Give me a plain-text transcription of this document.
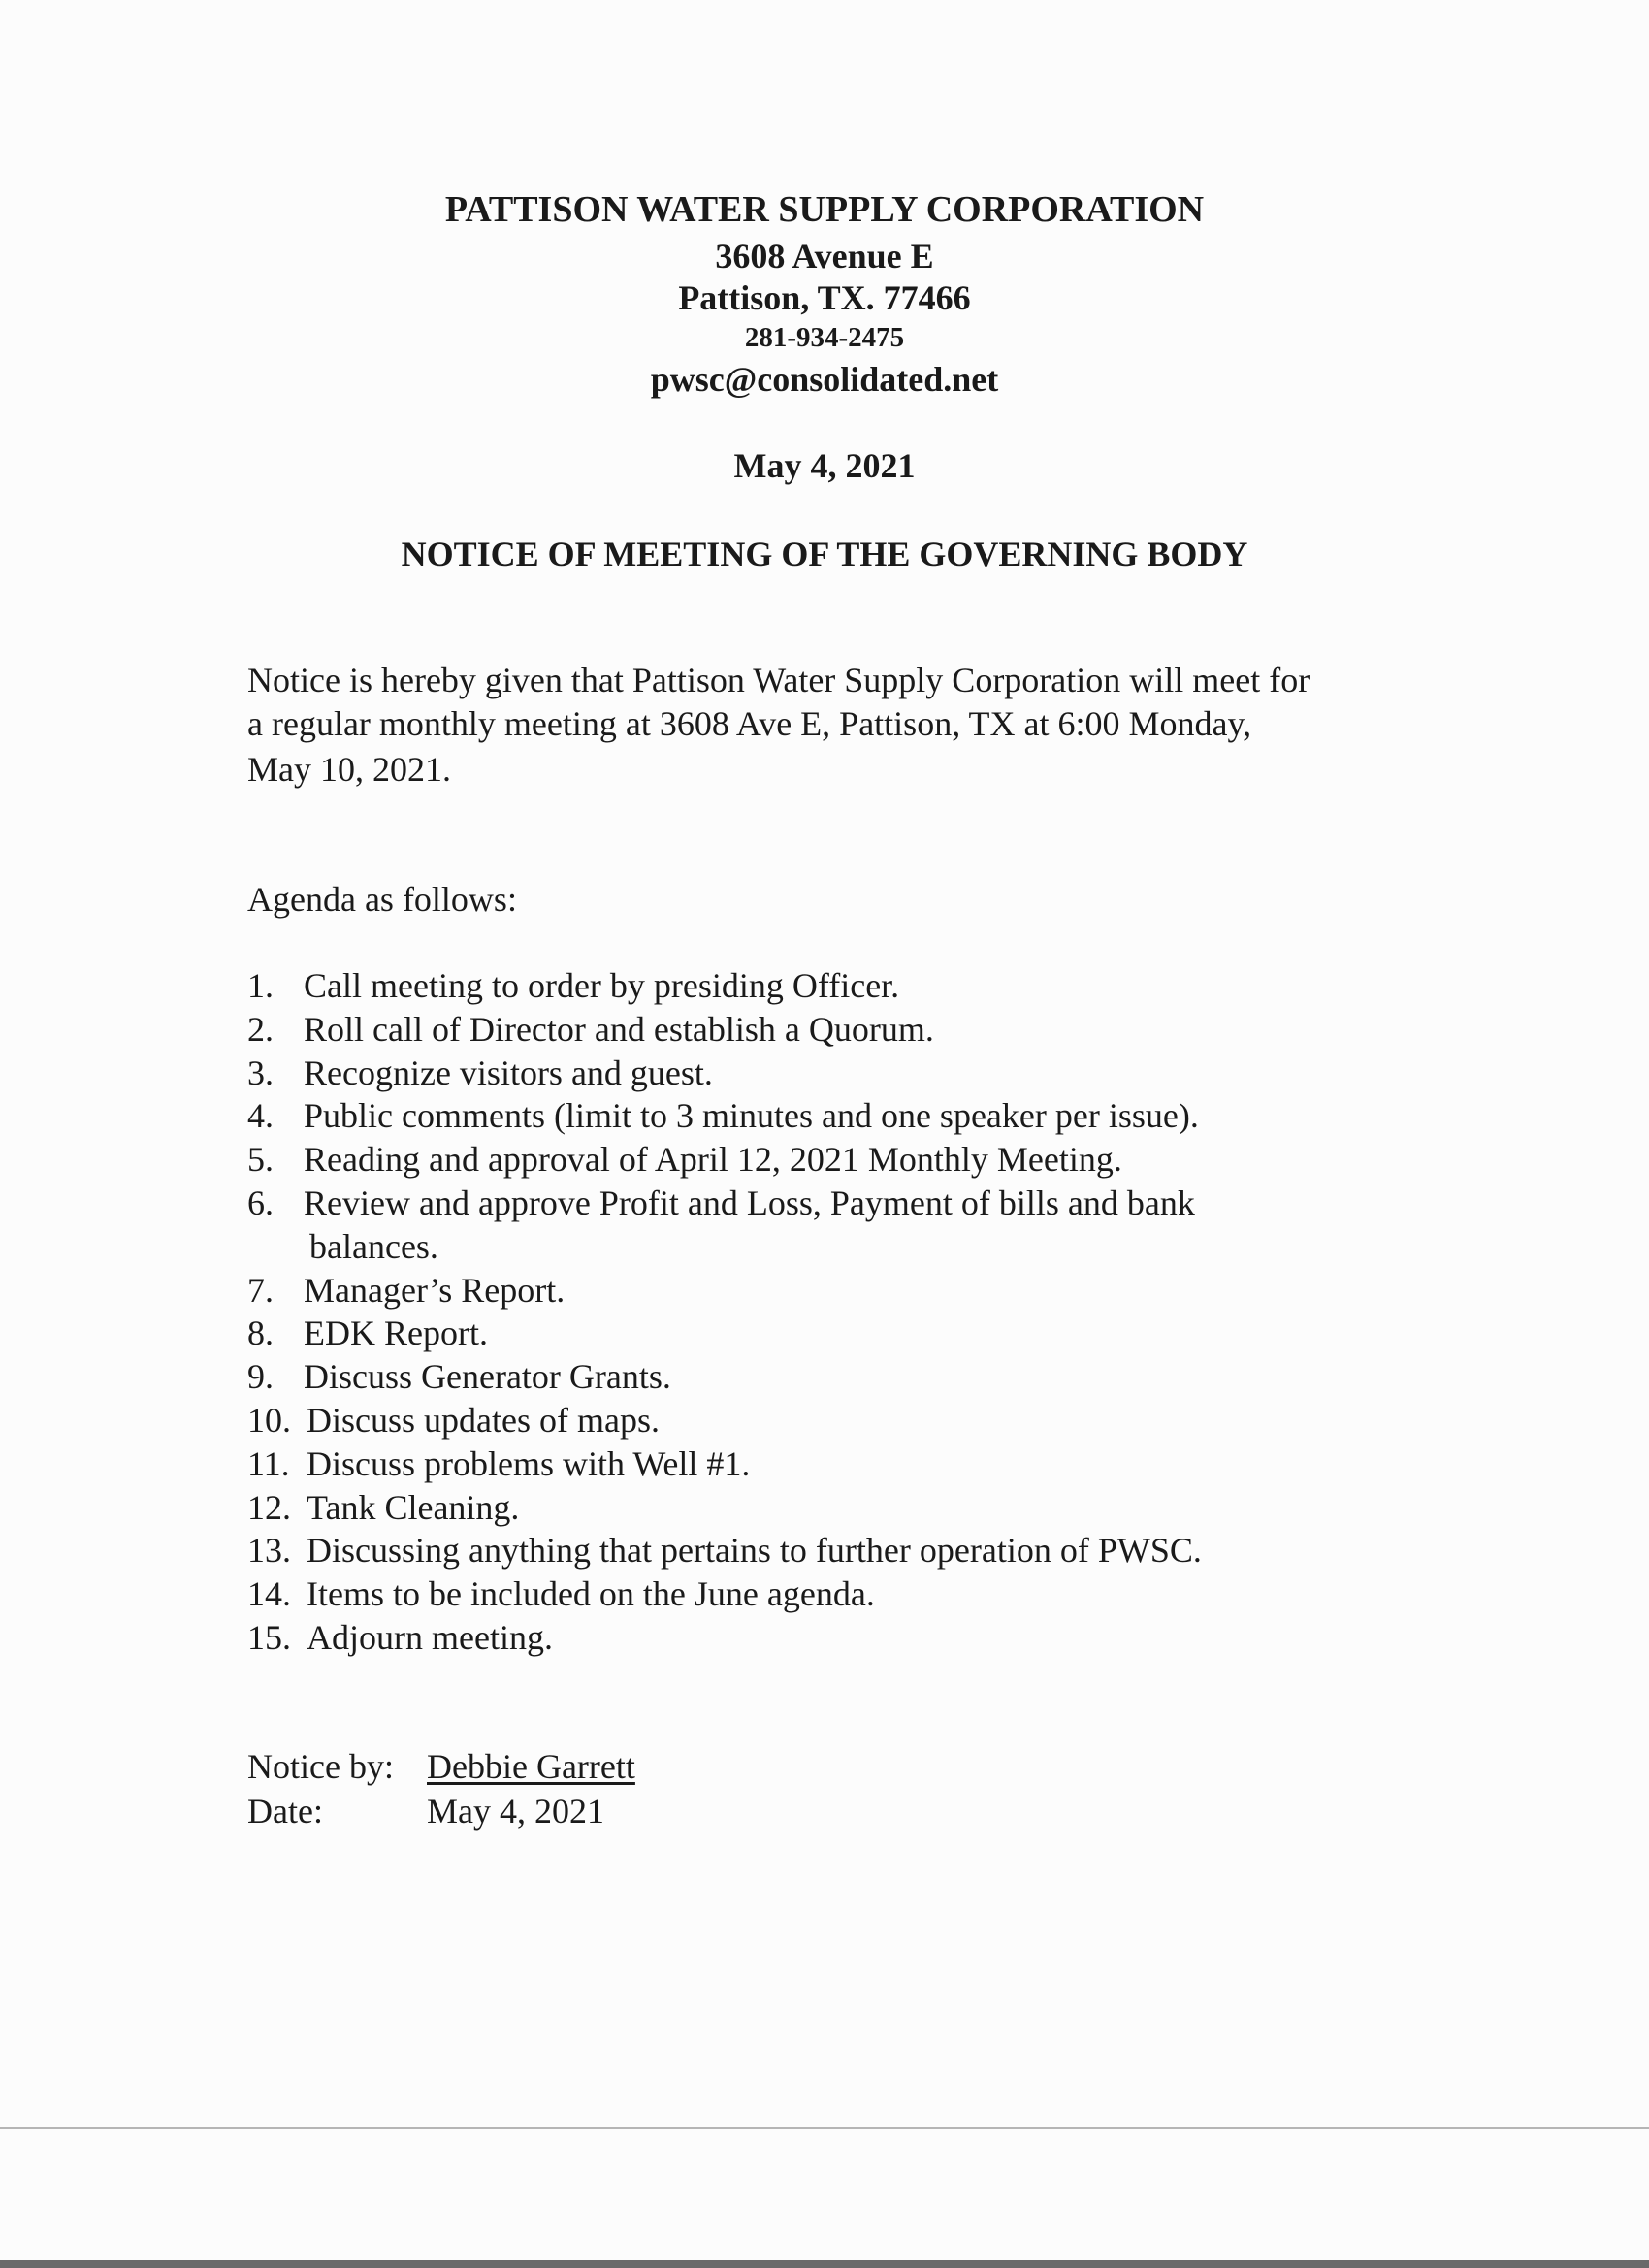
PATTISON WATER SUPPLY CORPORATION
3608 Avenue E
Pattison, TX. 77466
281-934-2475
pwsc@consolidated.net
May 4, 2021
NOTICE OF MEETING OF THE GOVERNING BODY
Notice is hereby given that Pattison Water Supply Corporation will meet for
a regular monthly meeting at 3608 Ave E, Pattison, TX at 6:00 Monday,
May 10, 2021.
Agenda as follows:
1. Call meeting to order by presiding Officer.
2. Roll call of Director and establish a Quorum.
3. Recognize visitors and guest.
4. Public comments (limit to 3 minutes and one speaker per issue).
5. Reading and approval of April 12, 2021 Monthly Meeting.
6. Review and approve Profit and Loss, Payment of bills and bank
balances.
7. Manager’s Report.
8. EDK Report.
9. Discuss Generator Grants.
10. Discuss updates of maps.
11. Discuss problems with Well #1.
12. Tank Cleaning.
13. Discussing anything that pertains to further operation of PWSC.
14. Items to be included on the June agenda.
15. Adjourn meeting.
Notice by: Debbie Garrett
Date:	May 4, 2021
